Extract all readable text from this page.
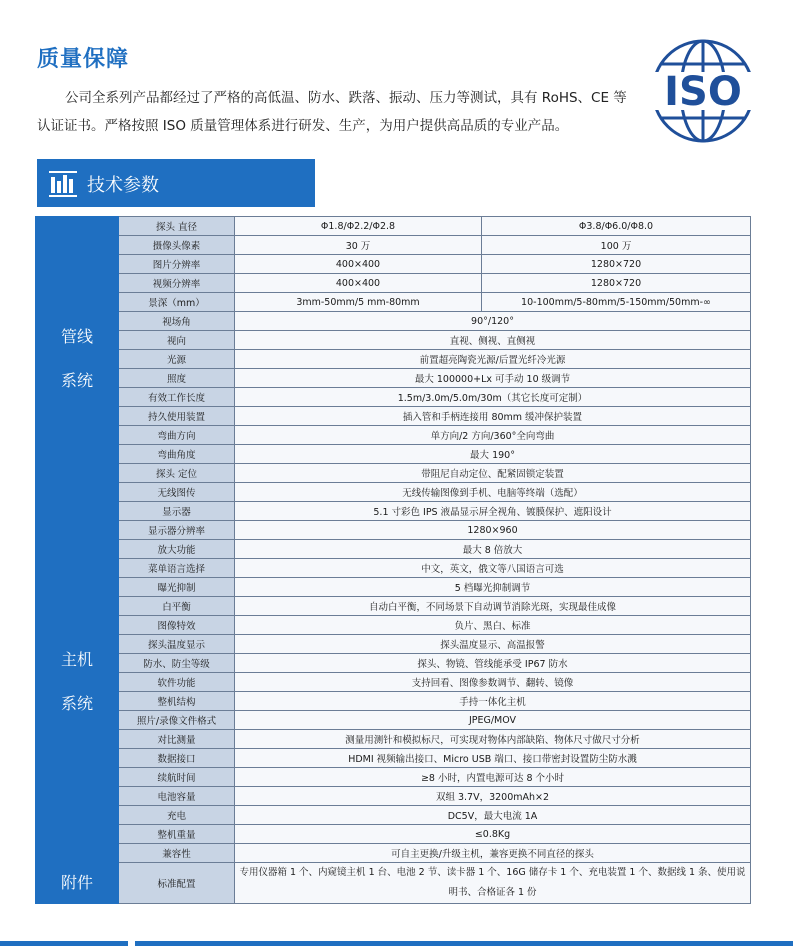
质量保障

公司全系列产品都经过了严格的高低温、防水、跌落、振动、压力等测试，具有 RoHS、CE 等认证证书。严格按照 ISO 质量管理体系进行研发、生产，为用户提供高品质的专业产品。

ISO
技术参数
管线

系统	探头 直径	Φ1.8/Φ2.2/Φ2.8	Φ3.8/Φ6.0/Φ8.0
	摄像头像素	30 万	100 万
	图片分辨率	400×400	1280×720
	视频分辨率	400×400	1280×720
	景深（mm）	3mm-50mm/5 mm-80mm	10-100mm/5-80mm/5-150mm/50mm-∞
	视场角	90°/120°	
	视向	直视、侧视、直侧视	
	光源	前置超亮陶瓷光源/后置光纤冷光源	
	照度	最大 100000+Lx 可手动 10 级调节	
	有效工作长度	1.5m/3.0m/5.0m/30m（其它长度可定制）	
	持久使用装置	插入管和手柄连接用 80mm 缓冲保护装置	
	弯曲方向	单方向/2 方向/360°全向弯曲	
	弯曲角度	最大 190°	
	探头 定位	带阻尼自动定位、配紧固锁定装置	
	无线图传	无线传输图像到手机、电脑等终端（选配）	
主机

系统	显示器	5.1 寸彩色 IPS 液晶显示屏全视角、镀膜保护、遮阳设计	
	显示器分辨率	1280×960	
	放大功能	最大 8 倍放大	
	菜单语言选择	中文，英文，俄文等八国语言可选	
	曝光抑制	5 档曝光抑制调节	
	白平衡	自动白平衡，不同场景下自动调节消除光斑，实现最佳成像	
	图像特效	负片、黑白、标准	
	探头温度显示	探头温度显示、高温报警	
	防水、防尘等级	探头、物镜、管线能承受 IP67 防水	
	软件功能	支持回看、图像参数调节、翻转、镜像	
	整机结构	手持一体化主机	
	照片/录像文件格式	JPEG/MOV	
	对比测量	测量用测针和模拟标尺，可实现对物体内部缺陷、物体尺寸做尺寸分析	
	数据接口	HDMI 视频输出接口、Micro USB 端口、接口带密封设置防尘防水溅	
	续航时间	≥8 小时，内置电源可达 8 个小时	
	电池容量	双组 3.7V，3200mAh×2	
	充电	DC5V，最大电流 1A	
	整机重量	≤0.8Kg	
	兼容性	可自主更换/升级主机，兼容更换不同直径的探头	
附件	标准配置	专用仪器箱 1 个、内窥镜主机 1 台、电池 2 节、读卡器 1 个、16G 储存卡 1 个、充电装置 1 个、数据线 1 条、使用说明书、合格证各 1 份	
